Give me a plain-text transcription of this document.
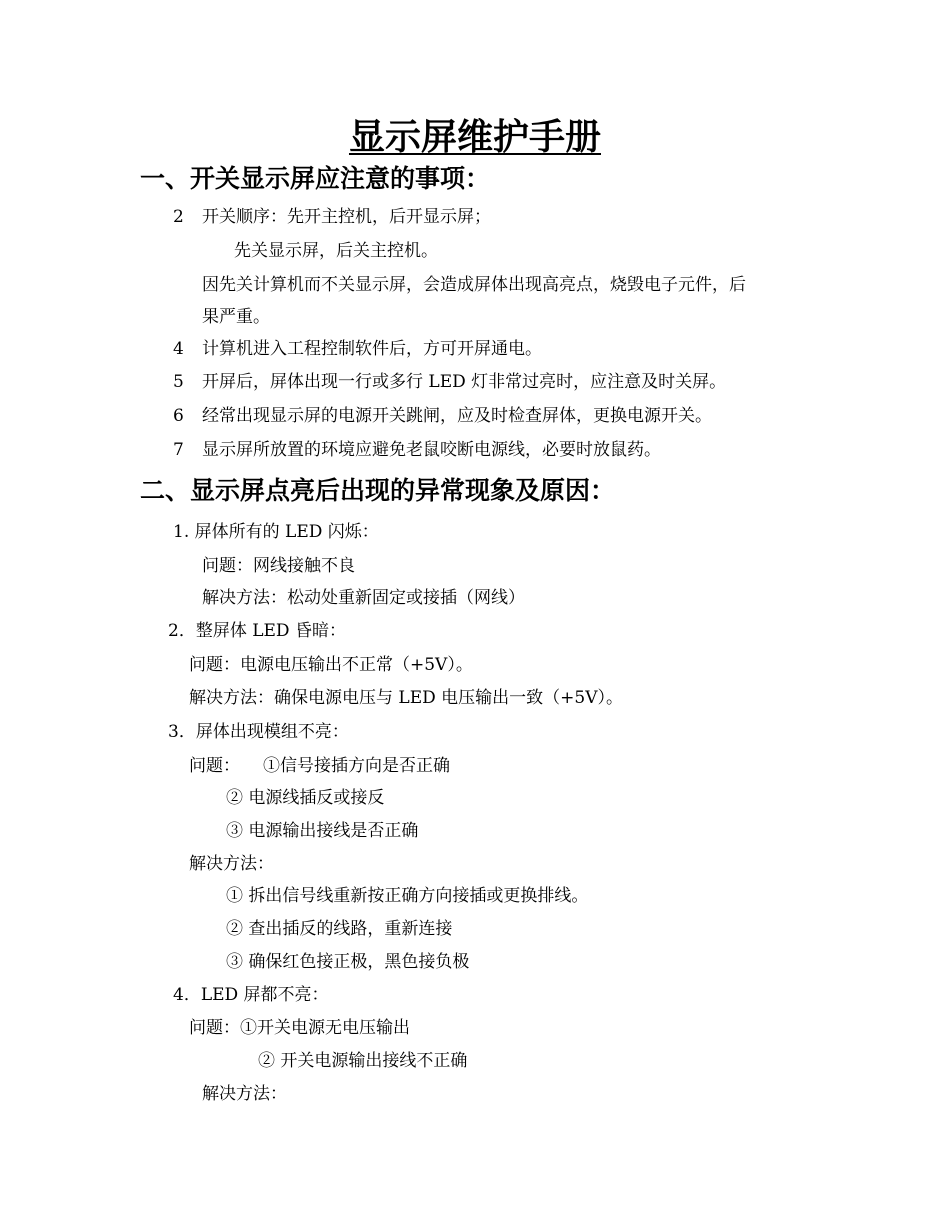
显示屏维护手册
一、开关显示屏应注意的事项：
2 开关顺序：先开主控机，后开显示屏；
先关显示屏，后关主控机。
因先关计算机而不关显示屏，会造成屏体出现高亮点，烧毁电子元件，后
果严重。
4 计算机进入工程控制软件后，方可开屏通电。
5 开屏后，屏体出现一行或多行 LED 灯非常过亮时，应注意及时关屏。
6 经常出现显示屏的电源开关跳闸，应及时检查屏体，更换电源开关。
7 显示屏所放置的环境应避免老鼠咬断电源线，必要时放鼠药。
二、显示屏点亮后出现的异常现象及原因：
1. 屏体所有的 LED 闪烁：
问题：网线接触不良
解决方法：松动处重新固定或接插（网线）
2．整屏体 LED 昏暗：
问题：电源电压输出不正常（+5V）。
解决方法：确保电源电压与 LED 电压输出一致（+5V）。
3．屏体出现模组不亮：
问题： ①信号接插方向是否正确
② 电源线插反或接反
③ 电源输出接线是否正确
解决方法：
① 拆出信号线重新按正确方向接插或更换排线。
② 查出插反的线路，重新连接
③ 确保红色接正极，黑色接负极
4．LED 屏都不亮：
问题：①开关电源无电压输出
② 开关电源输出接线不正确
解决方法：
